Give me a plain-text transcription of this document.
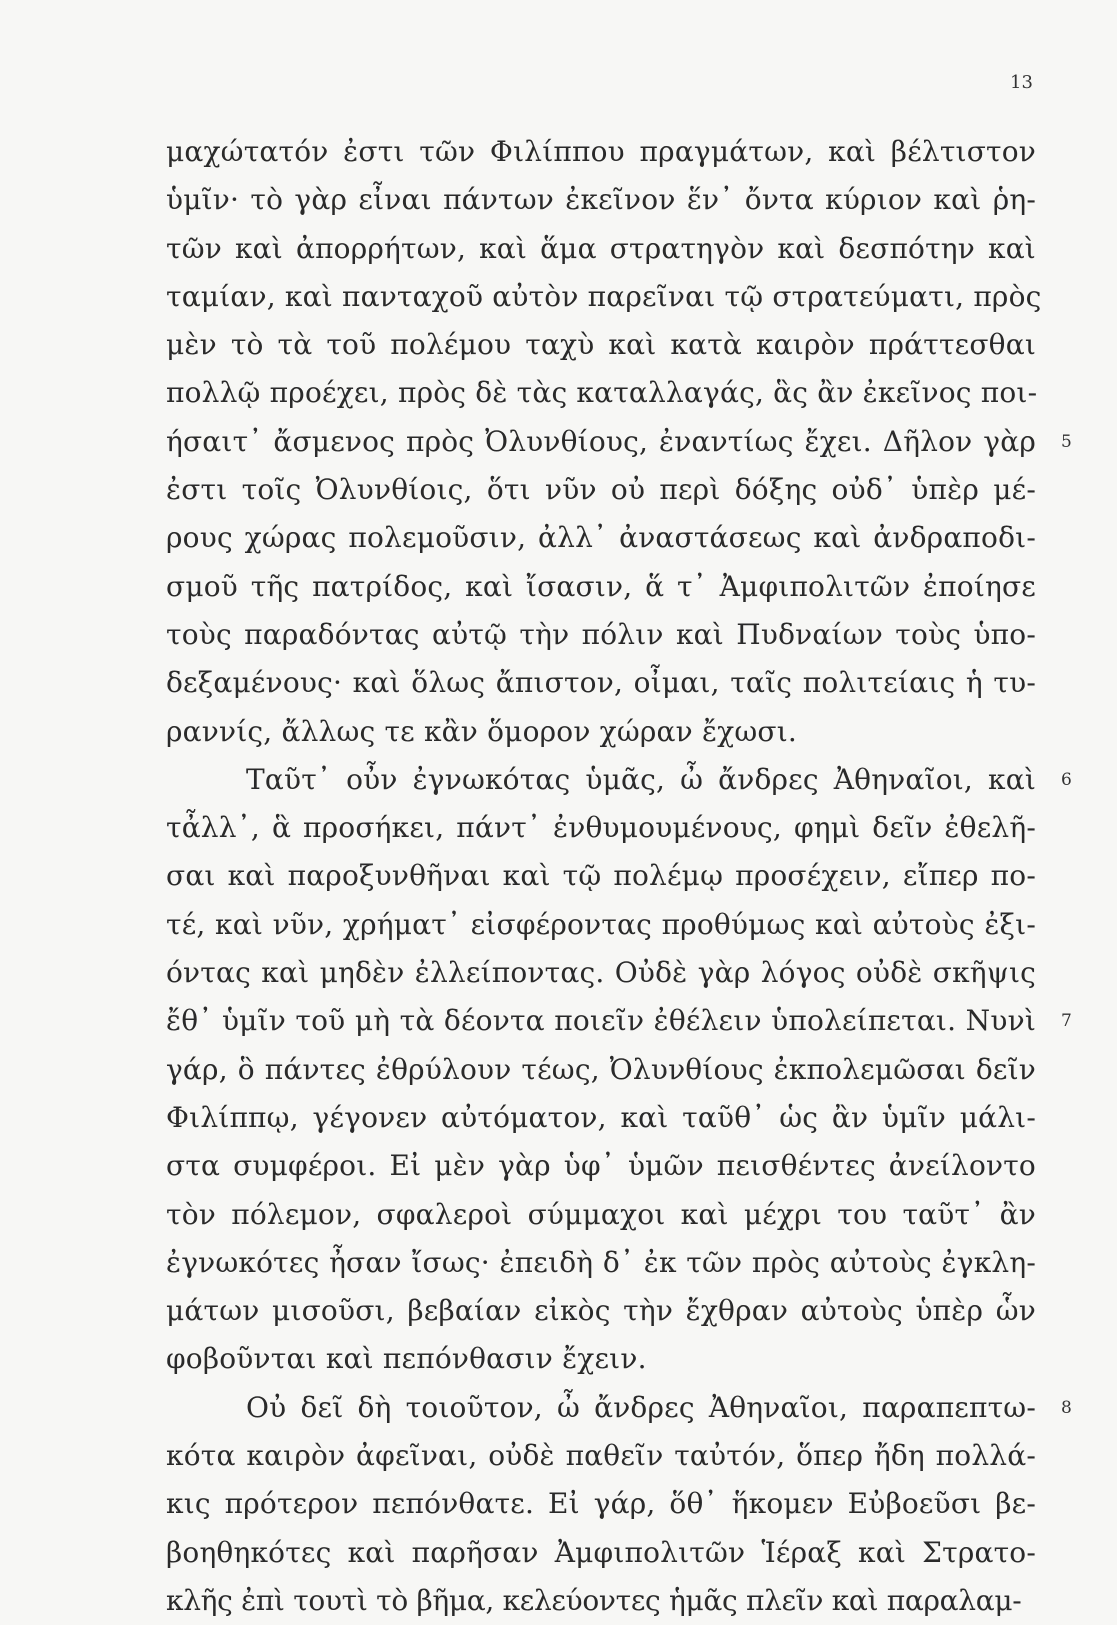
13
μαχώτατόν ἐστι τῶν Φιλίππου πραγμάτων, καὶ βέλτιστον
ὑμῖν· τὸ γὰρ εἶναι πάντων ἐκεῖνον ἕν᾽ ὄντα κύριον καὶ ῥη-
τῶν καὶ ἀπορρήτων, καὶ ἅμα στρατηγὸν καὶ δεσπότην καὶ
ταμίαν, καὶ πανταχοῦ αὐτὸν παρεῖναι τῷ στρατεύματι, πρὸς
μὲν τὸ τὰ τοῦ πολέμου ταχὺ καὶ κατὰ καιρὸν πράττεσθαι
πολλῷ προέχει, πρὸς δὲ τὰς καταλλαγάς, ἃς ἂν ἐκεῖνος ποι-
ήσαιτ᾽ ἄσμενος πρὸς Ὀλυνθίους, ἐναντίως ἔχει. Δῆλον γὰρ 5
ἐστι τοῖς Ὀλυνθίοις, ὅτι νῦν οὐ περὶ δόξης οὐδ᾽ ὑπὲρ μέ-
ρους χώρας πολεμοῦσιν, ἀλλ᾽ ἀναστάσεως καὶ ἀνδραποδι-
σμοῦ τῆς πατρίδος, καὶ ἴσασιν, ἅ τ᾽ Ἀμφιπολιτῶν ἐποίησε
τοὺς παραδόντας αὐτῷ τὴν πόλιν καὶ Πυδναίων τοὺς ὑπο-
δεξαμένους· καὶ ὅλως ἄπιστον, οἶμαι, ταῖς πολιτείαις ἡ τυ-
ραννίς, ἄλλως τε κἂν ὅμορον χώραν ἔχωσι.
Ταῦτ᾽ οὖν ἐγνωκότας ὑμᾶς, ὦ ἄνδρες Ἀθηναῖοι, καὶ 6
τἆλλ᾽, ἃ προσήκει, πάντ᾽ ἐνθυμουμένους, φημὶ δεῖν ἐθελῆ-
σαι καὶ παροξυνθῆναι καὶ τῷ πολέμῳ προσέχειν, εἴπερ πο-
τέ, καὶ νῦν, χρήματ᾽ εἰσφέροντας προθύμως καὶ αὐτοὺς ἐξι-
όντας καὶ μηδὲν ἐλλείποντας. Οὐδὲ γὰρ λόγος οὐδὲ σκῆψις
ἔθ᾽ ὑμῖν τοῦ μὴ τὰ δέοντα ποιεῖν ἐθέλειν ὑπολείπεται. Νυνὶ 7
γάρ, ὃ πάντες ἐθρύλουν τέως, Ὀλυνθίους ἐκπολεμῶσαι δεῖν
Φιλίππῳ, γέγονεν αὐτόματον, καὶ ταῦθ᾽ ὡς ἂν ὑμῖν μάλι-
στα συμφέροι. Εἰ μὲν γὰρ ὑφ᾽ ὑμῶν πεισθέντες ἀνείλοντο
τὸν πόλεμον, σφαλεροὶ σύμμαχοι καὶ μέχρι του ταῦτ᾽ ἂν
ἐγνωκότες ἦσαν ἴσως· ἐπειδὴ δ᾽ ἐκ τῶν πρὸς αὐτοὺς ἐγκλη-
μάτων μισοῦσι, βεβαίαν εἰκὸς τὴν ἔχθραν αὐτοὺς ὑπὲρ ὧν
φοβοῦνται καὶ πεπόνθασιν ἔχειν.
Οὐ δεῖ δὴ τοιοῦτον, ὦ ἄνδρες Ἀθηναῖοι, παραπεπτω- 8
κότα καιρὸν ἀφεῖναι, οὐδὲ παθεῖν ταὐτόν, ὅπερ ἤδη πολλά-
κις πρότερον πεπόνθατε. Εἰ γάρ, ὅθ᾽ ἥκομεν Εὐβοεῦσι βε-
βοηθηκότες καὶ παρῆσαν Ἀμφιπολιτῶν Ἱέραξ καὶ Στρατο-
κλῆς ἐπὶ τουτὶ τὸ βῆμα, κελεύοντες ἡμᾶς πλεῖν καὶ παραλαμ-
